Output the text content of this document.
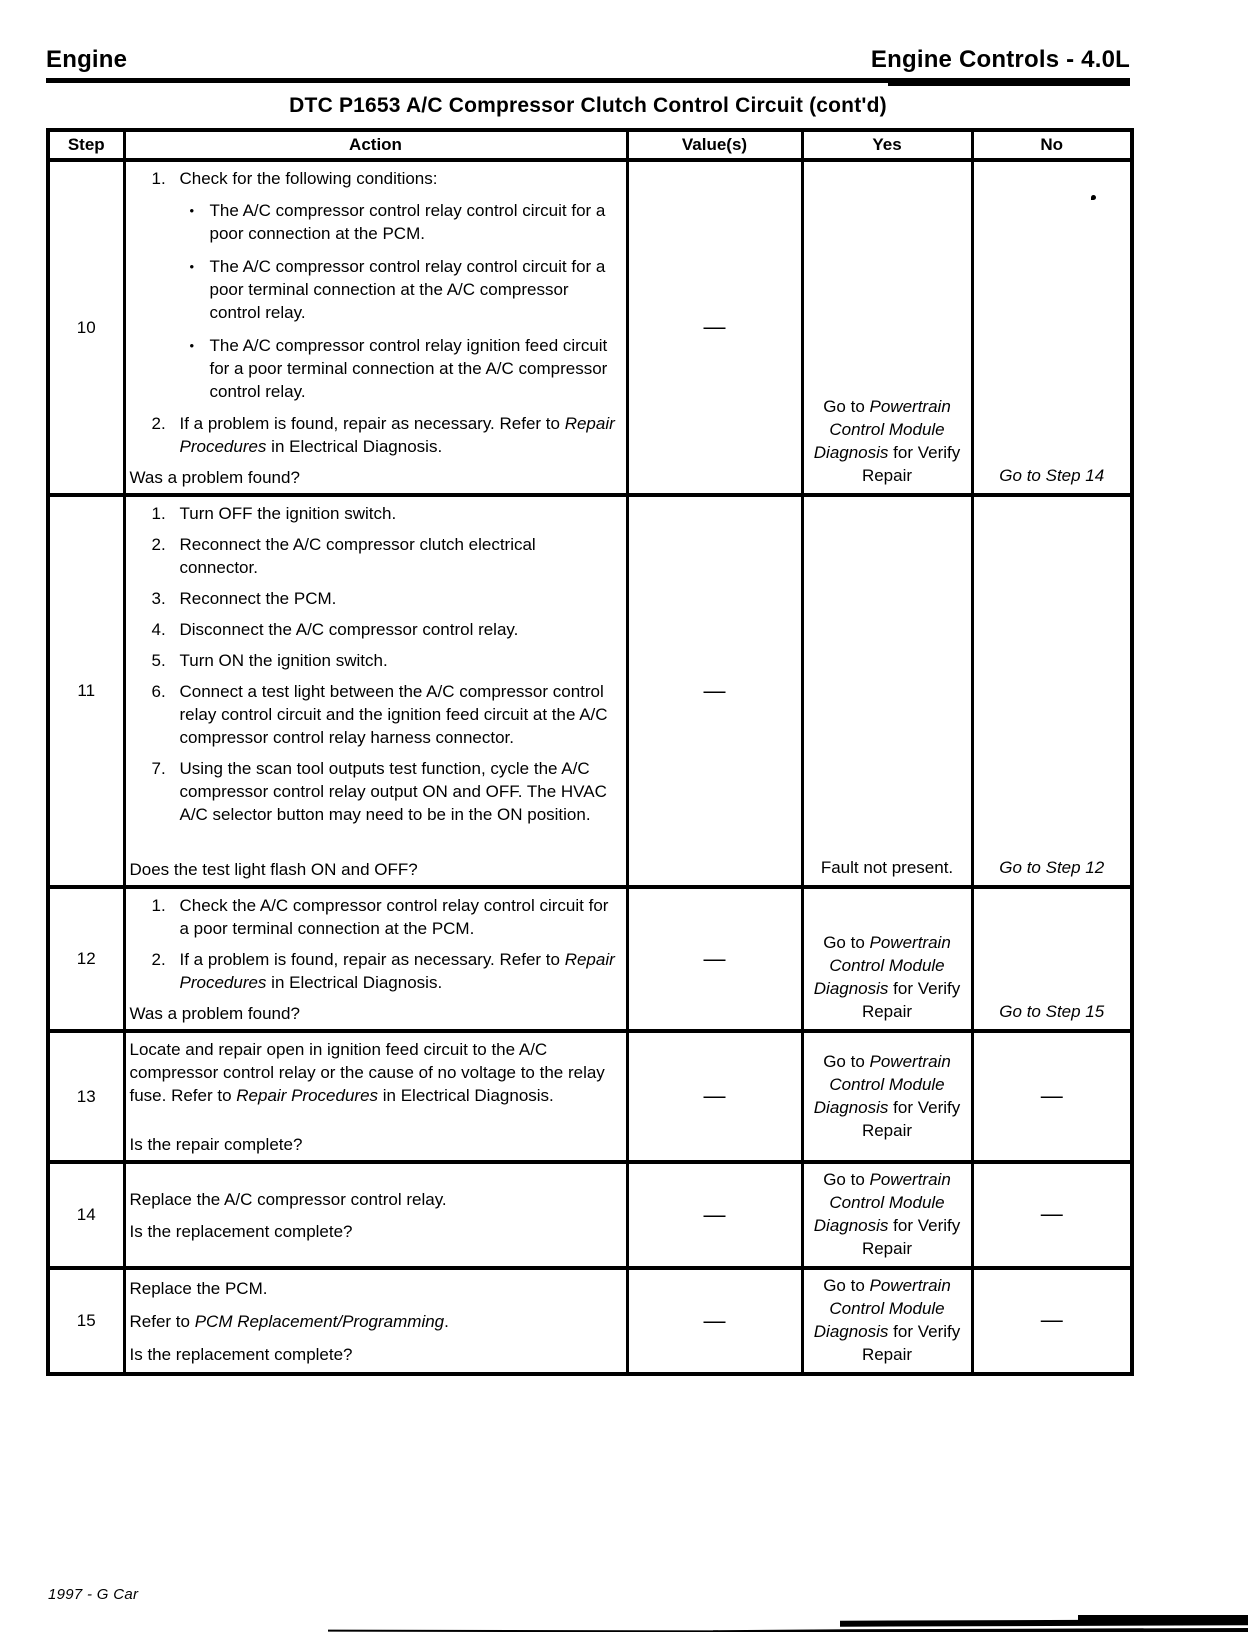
Engine	Engine Controls - 4.0L
DTC P1653 A/C Compressor Clutch Control Circuit (cont'd)
Step	Action	Value(s)	Yes	No
10	
1. Check for the following conditions:
• The A/C compressor control relay control circuit for a poor connection at the PCM.
• The A/C compressor control relay control circuit for a poor terminal connection at the A/C compressor control relay.
• The A/C compressor control relay ignition feed circuit for a poor terminal connection at the A/C compressor control relay.
2. If a problem is found, repair as necessary. Refer to Repair Procedures in Electrical Diagnosis.
Was a problem found?
	—	Go to Powertrain Control Module Diagnosis for Verify Repair	Go to Step 14
11	
1. Turn OFF the ignition switch.
2. Reconnect the A/C compressor clutch electrical connector.
3. Reconnect the PCM.
4. Disconnect the A/C compressor control relay.
5. Turn ON the ignition switch.
6. Connect a test light between the A/C compressor control relay control circuit and the ignition feed circuit at the A/C compressor control relay harness connector.
7. Using the scan tool outputs test function, cycle the A/C compressor control relay output ON and OFF. The HVAC A/C selector button may need to be in the ON position.
Does the test light flash ON and OFF?
	—	Fault not present.	Go to Step 12
12	1. Check the A/C compressor control relay control circuit for a poor terminal connection at the PCM.
2. If a problem is found, repair as necessary. Refer to Repair Procedures in Electrical Diagnosis.
Was a problem found?	—	Go to Powertrain Control Module Diagnosis for Verify Repair	Go to Step 15
13	Locate and repair open in ignition feed circuit to the A/C compressor control relay or the cause of no voltage to the relay fuse. Refer to Repair Procedures in Electrical Diagnosis.
Is the repair complete?	—	Go to Powertrain Control Module Diagnosis for Verify Repair	—
14	Replace the A/C compressor control relay.
Is the replacement complete?	—	Go to Powertrain Control Module Diagnosis for Verify Repair	—
15	Replace the PCM.
Refer to PCM Replacement/Programming.
Is the replacement complete?	—	Go to Powertrain Control Module Diagnosis for Verify Repair	—
1997 - G Car
